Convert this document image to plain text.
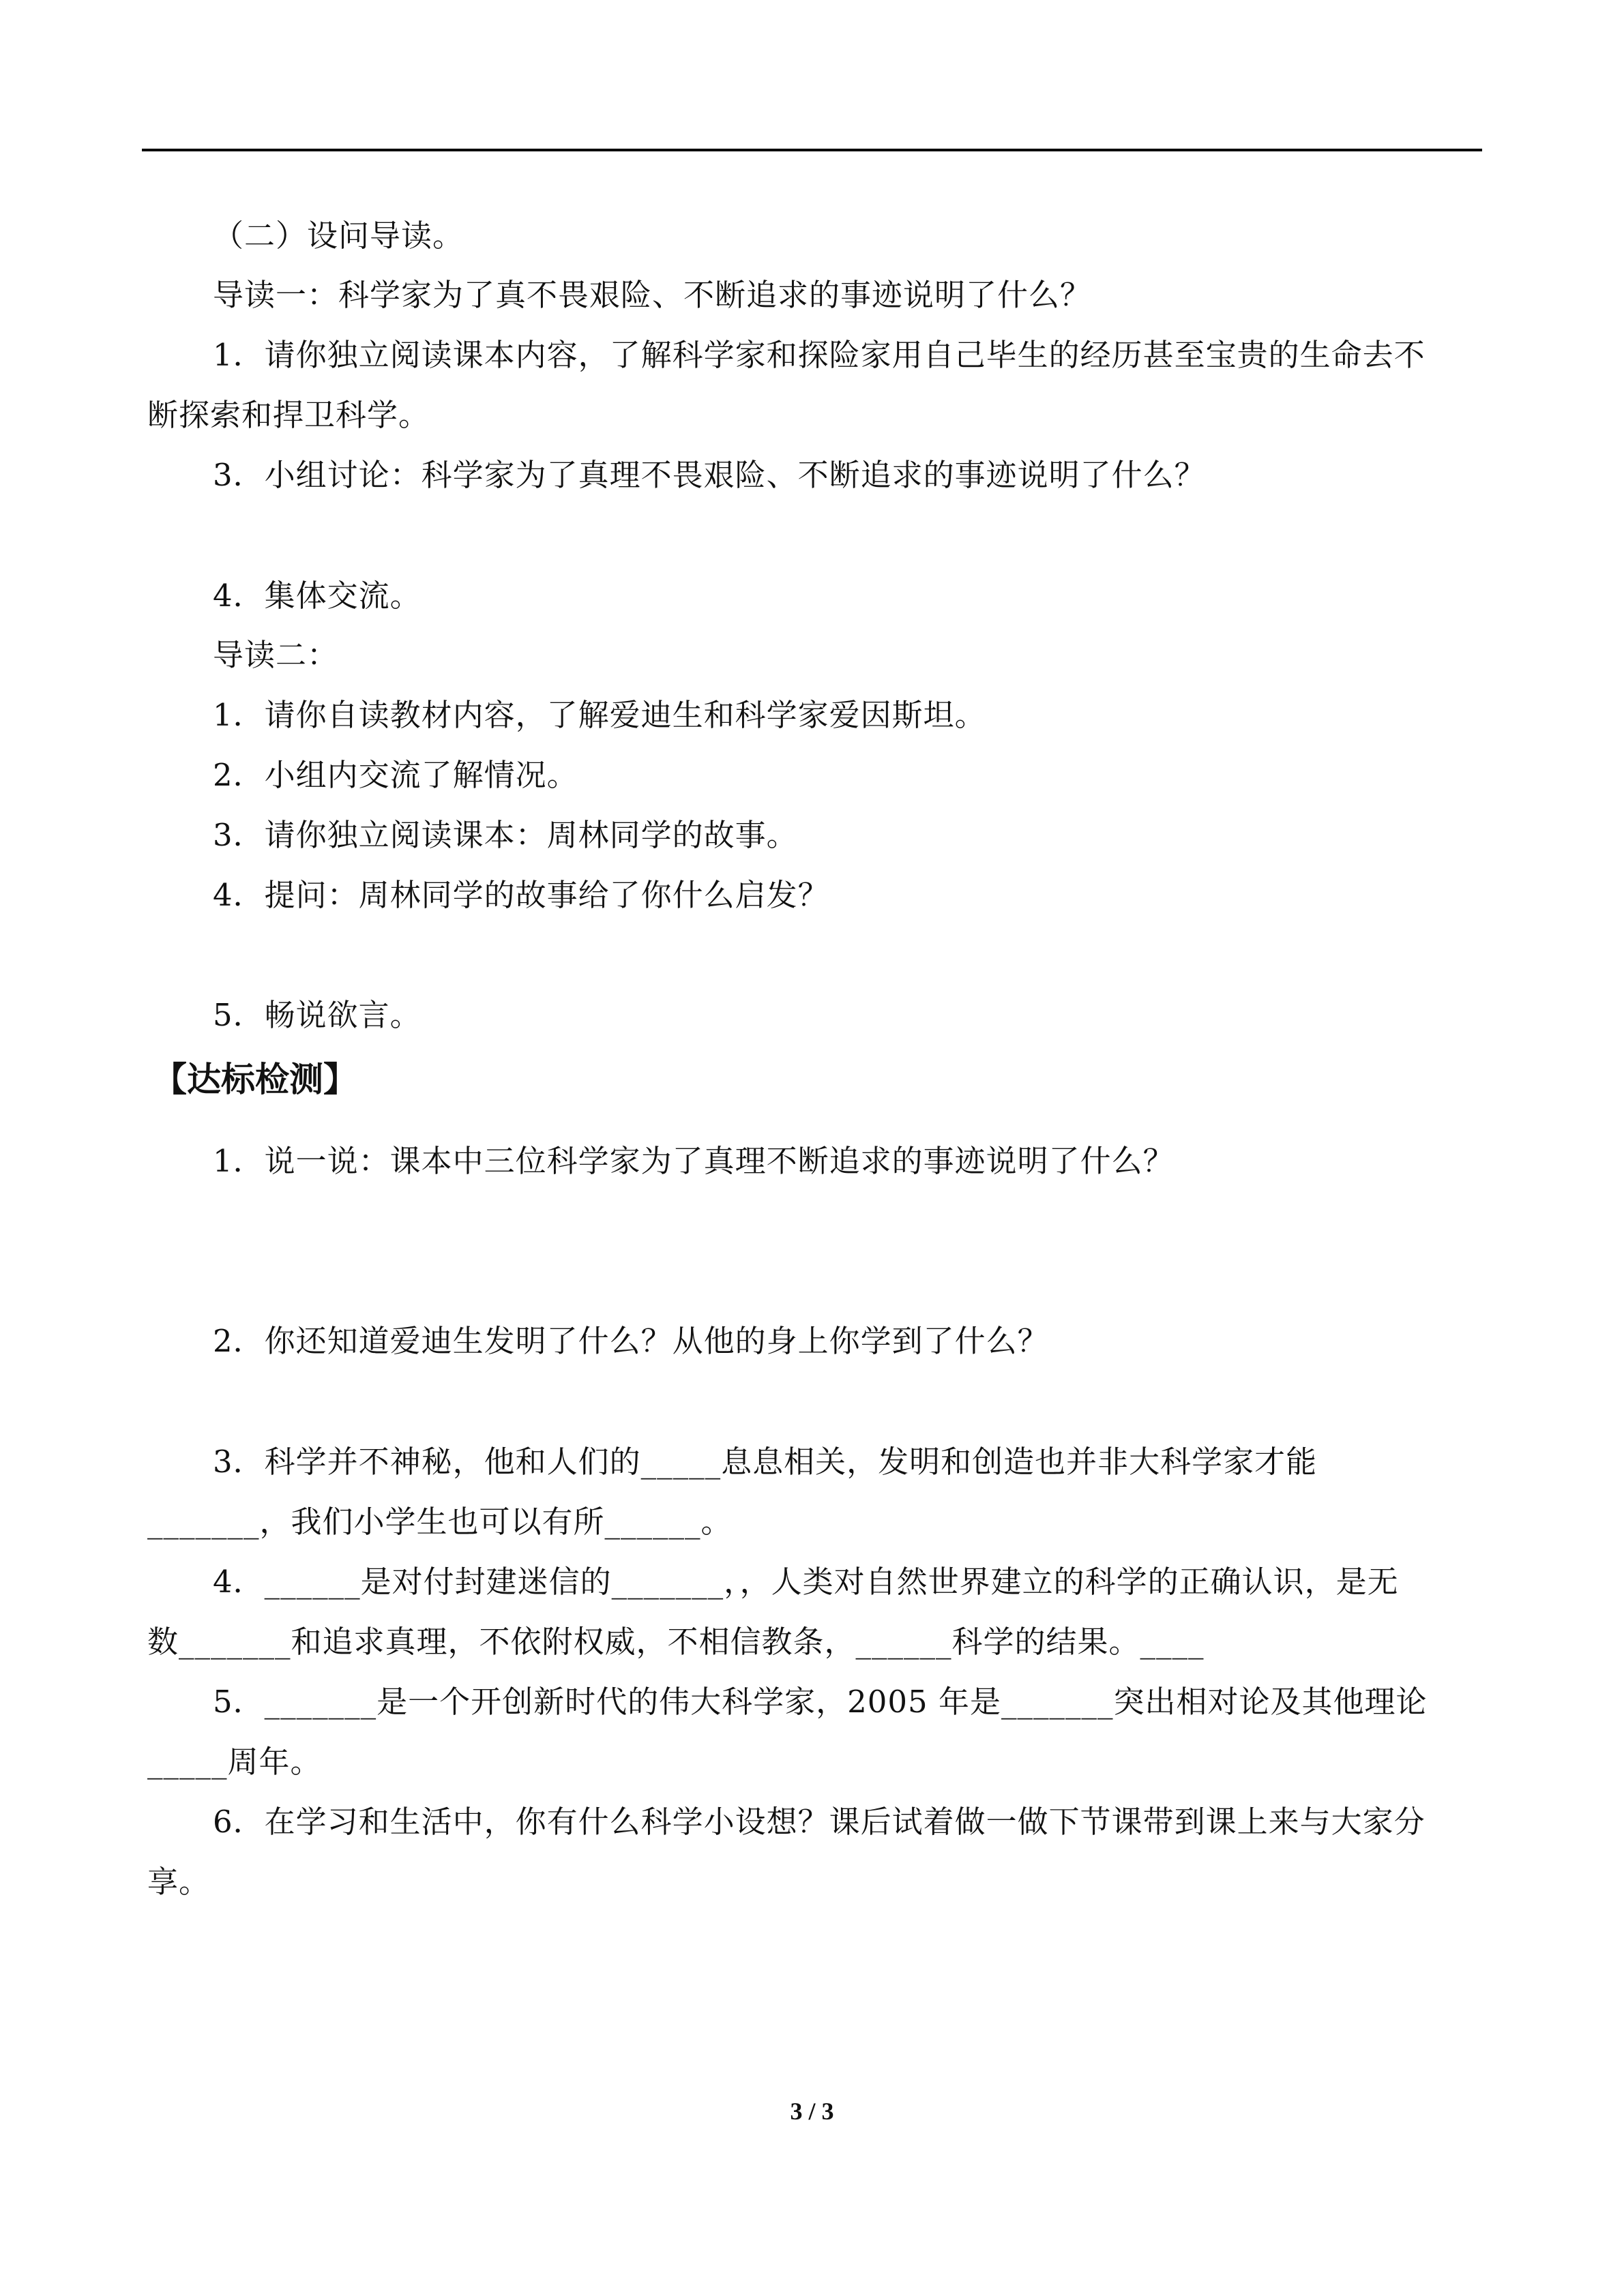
（二）设问导读。
导读一：科学家为了真不畏艰险、不断追求的事迹说明了什么？
1．请你独立阅读课本内容，了解科学家和探险家用自己毕生的经历甚至宝贵的生命去不
断探索和捍卫科学。
3．小组讨论：科学家为了真理不畏艰险、不断追求的事迹说明了什么？
4．集体交流。
导读二：
1．请你自读教材内容，了解爱迪生和科学家爱因斯坦。
2．小组内交流了解情况。
3．请你独立阅读课本：周林同学的故事。
4．提问：周林同学的故事给了你什么启发？
5．畅说欲言。
【达标检测】
1．说一说：课本中三位科学家为了真理不断追求的事迹说明了什么？
2．你还知道爱迪生发明了什么？从他的身上你学到了什么？
3．科学并不神秘，他和人们的_____息息相关，发明和创造也并非大科学家才能
_______，我们小学生也可以有所______。
4．______是对付封建迷信的_______，，人类对自然世界建立的科学的正确认识，是无
数_______和追求真理，不依附权威，不相信教条，______科学的结果。____
5．_______是一个开创新时代的伟大科学家，2005 年是_______突出相对论及其他理论
_____周年。
6．在学习和生活中，你有什么科学小设想？课后试着做一做下节课带到课上来与大家分
享。
3 / 3
